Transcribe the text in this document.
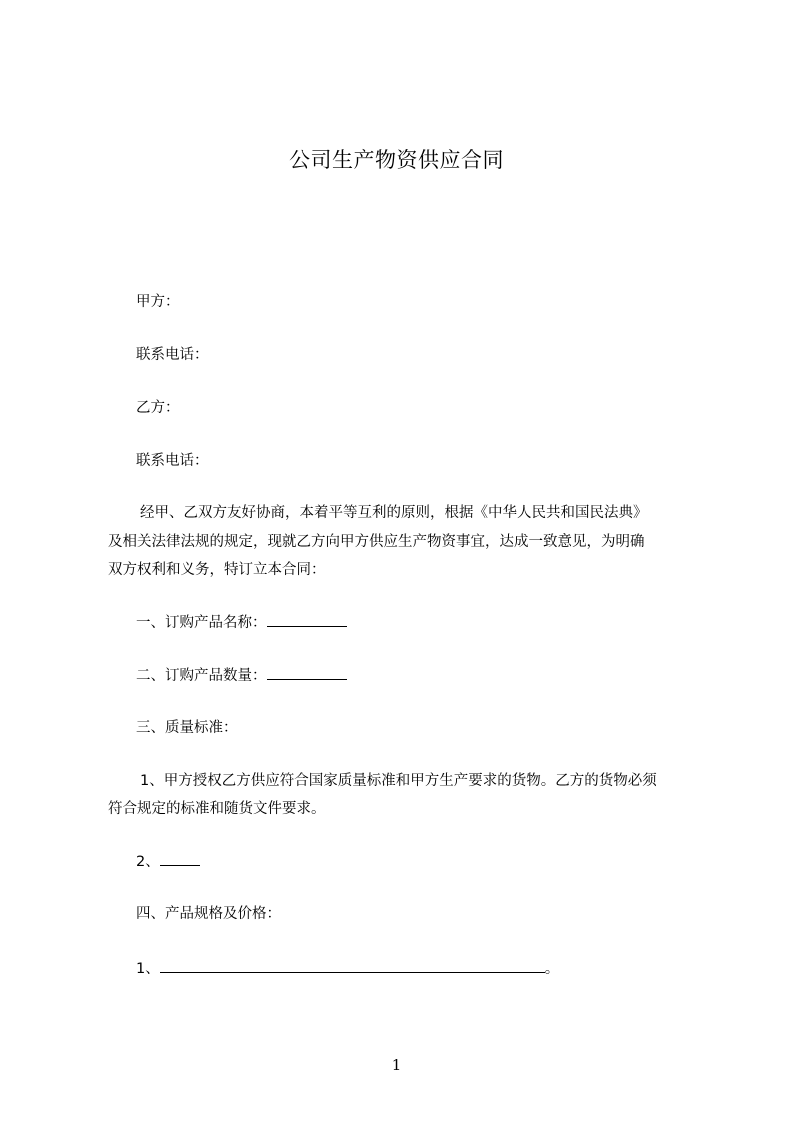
公司生产物资供应合同
甲方：
联系电话：
乙方：
联系电话：
经甲、乙双方友好协商，本着平等互利的原则，根据《中华人民共和国民法典》
及相关法律法规的规定，现就乙方向甲方供应生产物资事宜，达成一致意见，为明确
双方权利和义务，特订立本合同：
一、订购产品名称：
二、订购产品数量：
三、质量标准：
1、甲方授权乙方供应符合国家质量标准和甲方生产要求的货物。乙方的货物必须
符合规定的标准和随货文件要求。
2、
四、产品规格及价格：
1、	。
1
